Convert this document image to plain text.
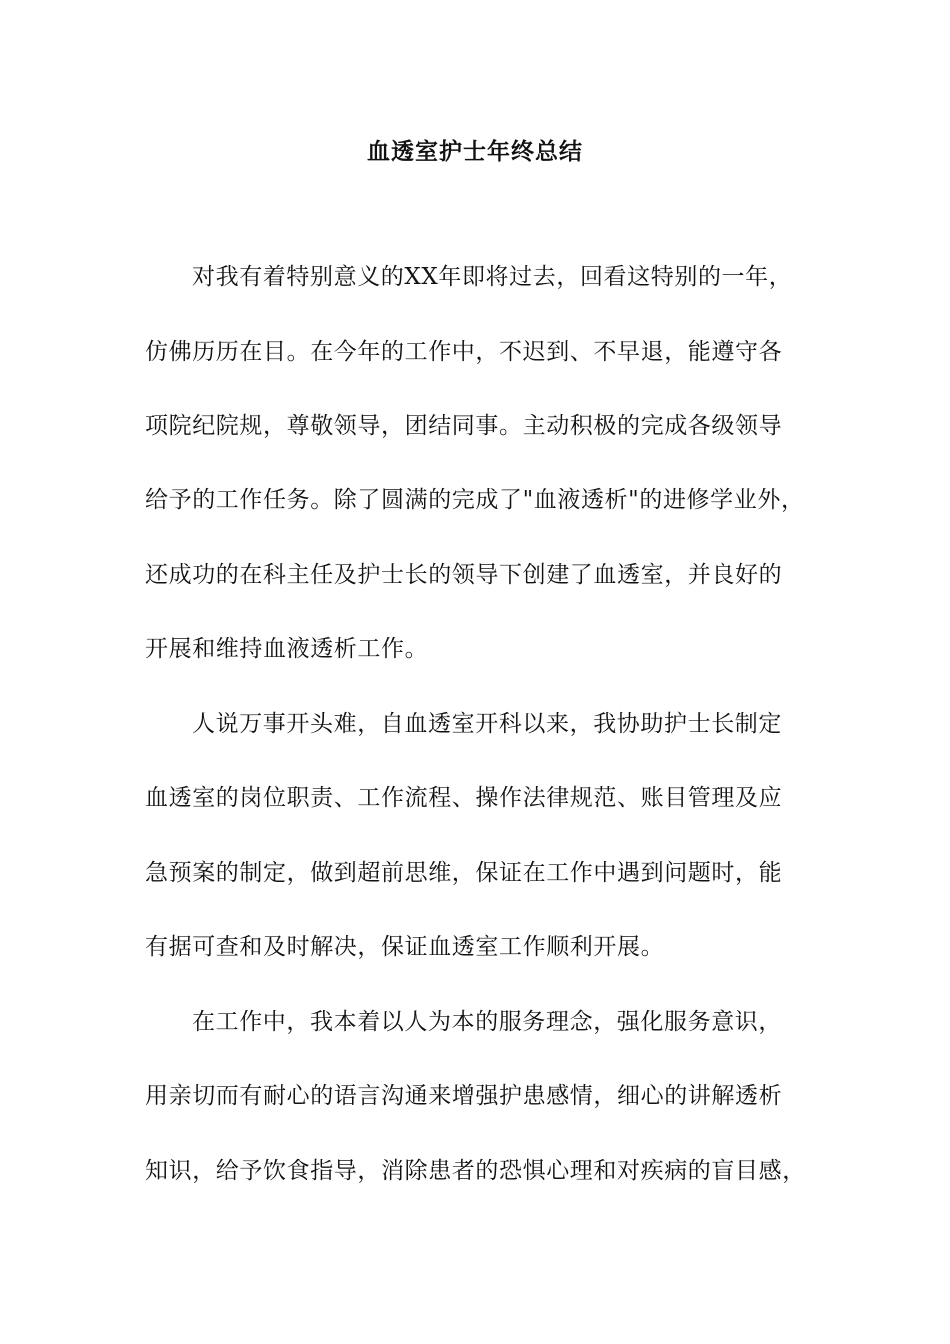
血透室护士年终总结
对我有着特别意义的XX年即将过去，回看这特别的一年，
仿佛历历在目。在今年的工作中，不迟到、不早退，能遵守各
项院纪院规，尊敬领导，团结同事。主动积极的完成各级领导
给予的工作任务。除了圆满的完成了"血液透析"的进修学业外，
还成功的在科主任及护士长的领导下创建了血透室，并良好的
开展和维持血液透析工作。
人说万事开头难，自血透室开科以来，我协助护士长制定
血透室的岗位职责、工作流程、操作法律规范、账目管理及应
急预案的制定，做到超前思维，保证在工作中遇到问题时，能
有据可查和及时解决，保证血透室工作顺利开展。
在工作中，我本着以人为本的服务理念，强化服务意识，
用亲切而有耐心的语言沟通来增强护患感情，细心的讲解透析
知识，给予饮食指导，消除患者的恐惧心理和对疾病的盲目感，
